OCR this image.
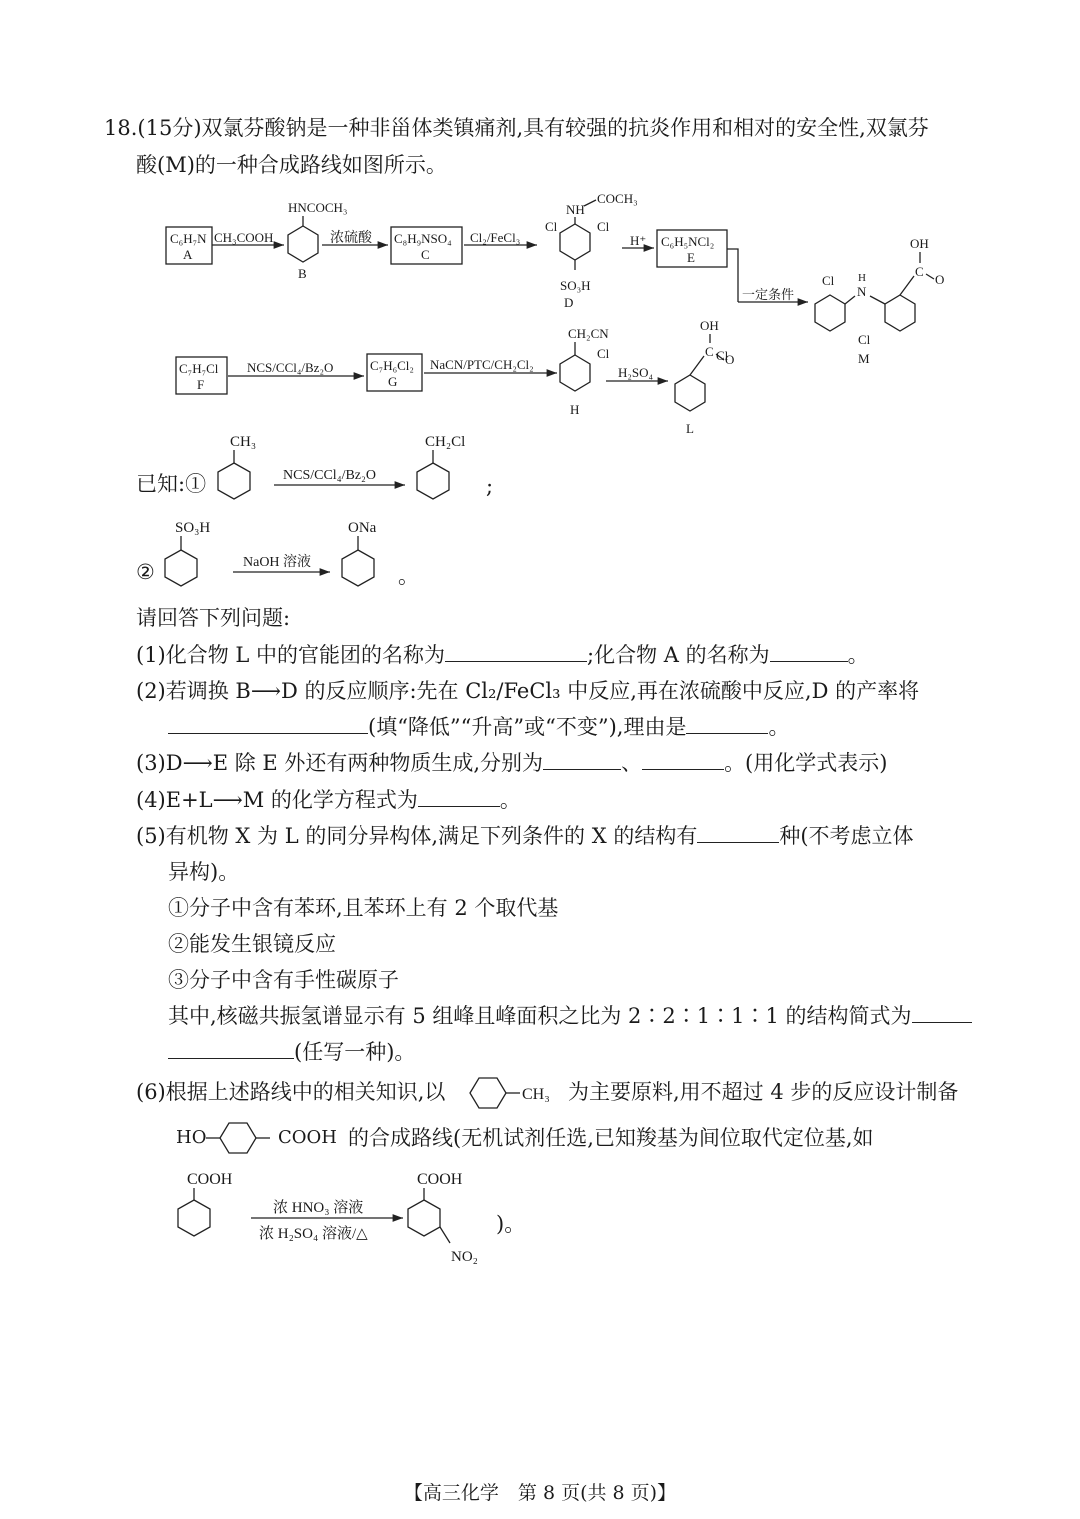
18.(15分)双氯芬酸钠是一种非甾体类镇痛剂,具有较强的抗炎作用和相对的安全性,双氯芬
酸(M)的一种合成路线如图所示。
C₆H₇N
A
CH₃COOH
HNCOCH₃
B
浓硫酸 C₈H₉NSO₄
C
Cl₂/FeCl₃
NH
COCH₃
Cl	Cl
SO₃H
D
H⁺ C₆H₅NCl₂
E
一定条件
OH
C
O
Cl
N
H
Cl
M
C₇H₇Cl
F
NCS/CCl₄/Bz₂O	C₇H₆Cl₂
G
NaCN/PTC/CH₂Cl₂
CH₂CN
Cl
H
H₂SO₄
OH
C
O
Cl
L
CH₃
NCS/CCl₄/Bz₂O
CH₂Cl
SO₃H
NaOH 溶液
ONa
已知:①	;
②	。
请回答下列问题:
(1)化合物 L 中的官能团的名称为	;化合物 A 的名称为	。
(2)若调换 B⟶D 的反应顺序:先在 Cl₂/FeCl₃ 中反应,再在浓硫酸中反应,D 的产率将
(填“降低”“升高”或“不变”),理由是	。
(3)D⟶E 除 E 外还有两种物质生成,分别为	、	。(用化学式表示)
(4)E+L⟶M 的化学方程式为	。
(5)有机物 X 为 L 的同分异构体,满足下列条件的 X 的结构有	种(不考虑立体
异构)。
①分子中含有苯环,且苯环上有 2 个取代基
②能发生银镜反应
③分子中含有手性碳原子
其中,核磁共振氢谱显示有 5 组峰且峰面积之比为 2∶2∶1∶1∶1 的结构简式为
(任写一种)。
(6)根据上述路线中的相关知识,以	CH₃ 为主要原料,用不超过 4 步的反应设计制备
HO	COOH 的合成路线(无机试剂任选,已知羧基为间位取代定位基,如
COOH
浓 HNO₃ 溶液
浓 H₂SO₄ 溶液/△
COOH
NO₂
)。
【高三化学　第 8 页(共 8 页)】
